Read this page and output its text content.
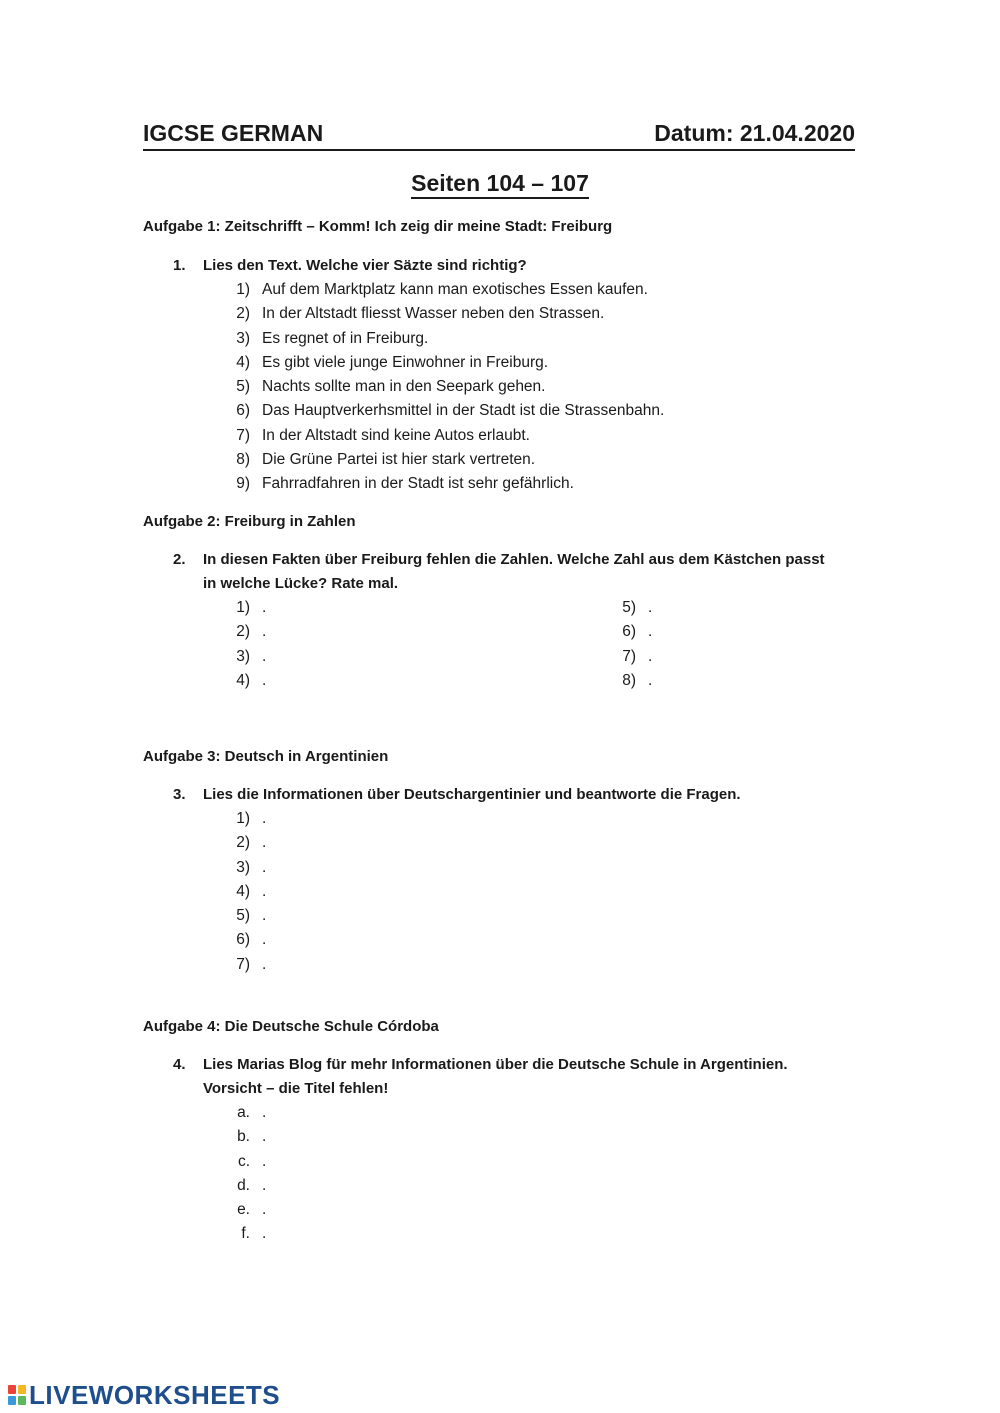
IGCSE GERMAN	Datum: 21.04.2020
Seiten 104 – 107
Aufgabe 1: Zeitschrifft – Komm! Ich zeig dir meine Stadt: Freiburg
1. Lies den Text. Welche vier Säzte sind richtig?
1) Auf dem Marktplatz kann man exotisches Essen kaufen.
2) In der Altstadt fliesst Wasser neben den Strassen.
3) Es regnet of in Freiburg.
4) Es gibt viele junge Einwohner in Freiburg.
5) Nachts sollte man in den Seepark gehen.
6) Das Hauptverkerhsmittel in der Stadt ist die Strassenbahn.
7) In der Altstadt sind keine Autos erlaubt.
8) Die Grüne Partei ist hier stark vertreten.
9) Fahrradfahren in der Stadt ist sehr gefährlich.
Aufgabe 2: Freiburg in Zahlen
2. In diesen Fakten über Freiburg fehlen die Zahlen. Welche Zahl aus dem Kästchen passt in welche Lücke? Rate mal.
1) .
2) .
3) .
4) .
5) .
6) .
7) .
8) .
Aufgabe 3: Deutsch in Argentinien
3. Lies die Informationen über Deutschargentinier und beantworte die Fragen.
1) .
2) .
3) .
4) .
5) .
6) .
7) .
Aufgabe 4: Die Deutsche Schule Córdoba
4. Lies Marias Blog für mehr Informationen über die Deutsche Schule in Argentinien. Vorsicht – die Titel fehlen!
a. .
b. .
c. .
d. .
e. .
f. .
LIVEWORKSHEETS
